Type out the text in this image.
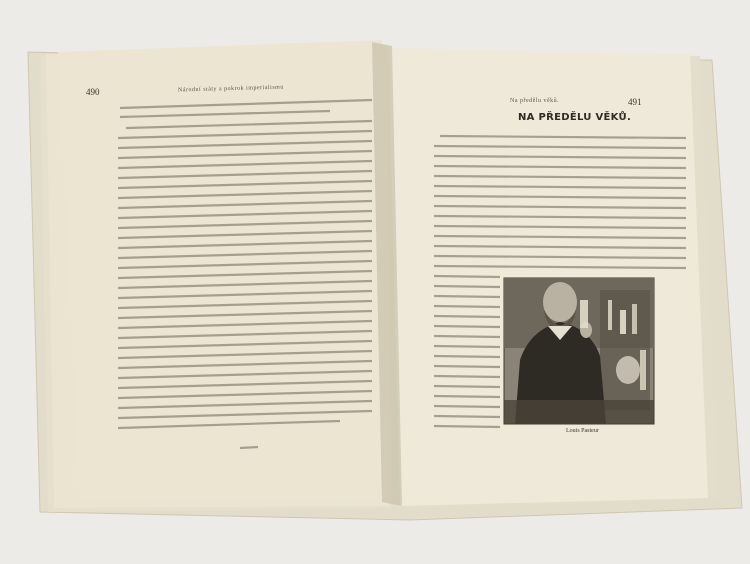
490	Národní státy a pokrok imperialismu
491
Na předělu věků.
NA PŘEDĚLU VĚKŮ.
Louis Pasteur
